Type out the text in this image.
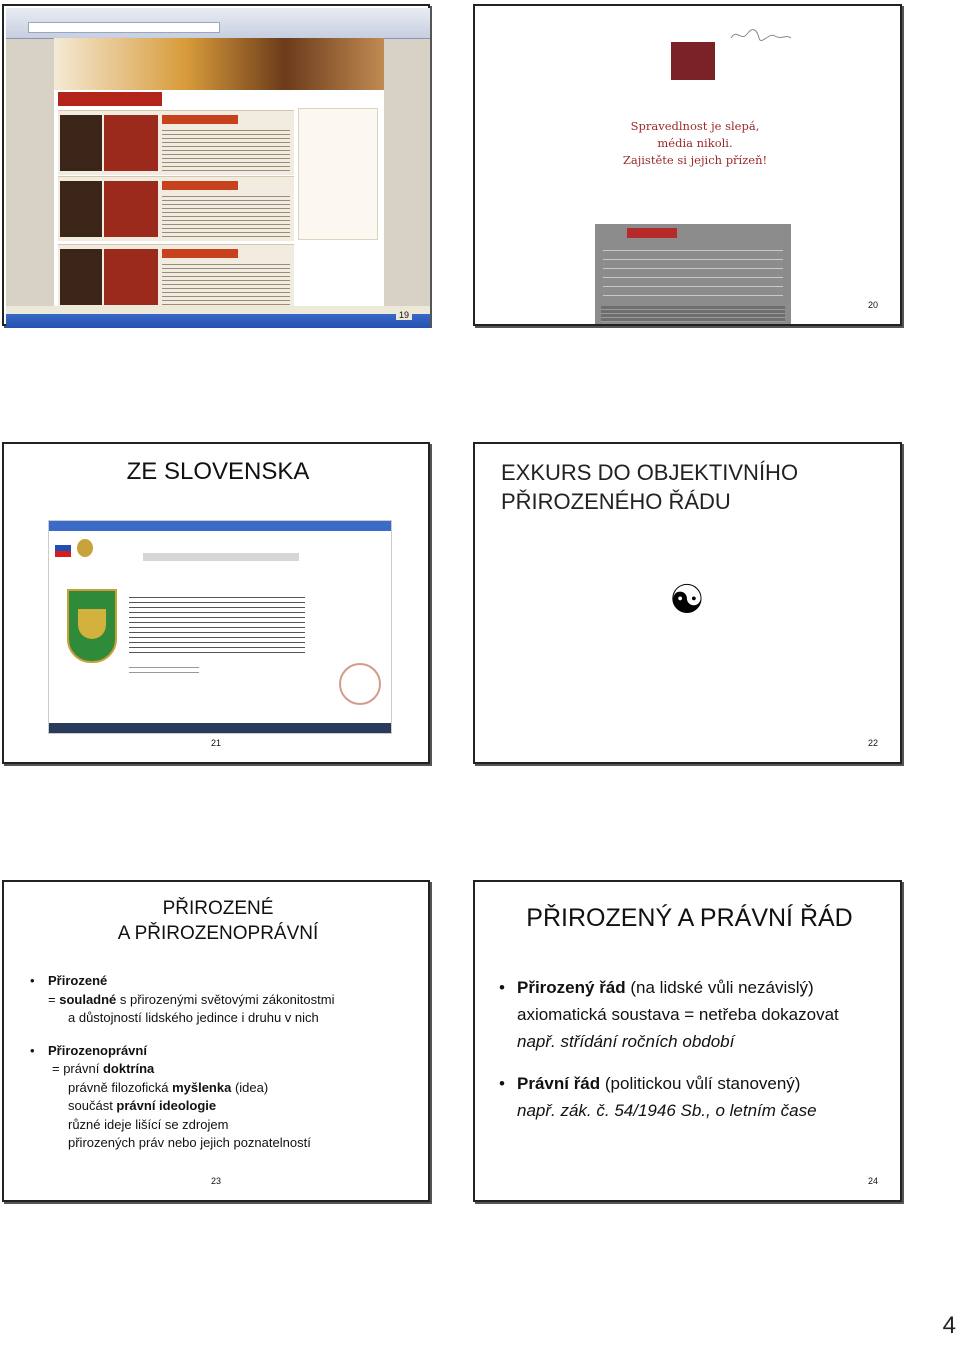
19
Spravedlnost je slepá,
média nikoli.
Zajistěte si jejich přízeň!
20
ZE SLOVENSKA
21
EXKURS DO OBJEKTIVNÍHO
PŘIROZENÉHO ŘÁDU
☯
22
PŘIROZENÉ
A PŘIROZENOPRÁVNÍ
• Přirozené
= souladné s přirozenými světovými zákonitostmi
a důstojností lidského jedince i druhu v nich
• Přirozenoprávní
= právní doktrína
právně filozofická myšlenka (idea)
součást právní ideologie
různé ideje lišící se zdrojem
přirozených práv nebo jejich poznatelností
23
PŘIROZENÝ A PRÁVNÍ ŘÁD
• Přirozený řád (na lidské vůli nezávislý)
axiomatická soustava = netřeba dokazovat
např. střídání ročních období
• Právní řád (politickou vůlí stanovený)
např. zák. č. 54/1946 Sb., o letním čase
24
4
